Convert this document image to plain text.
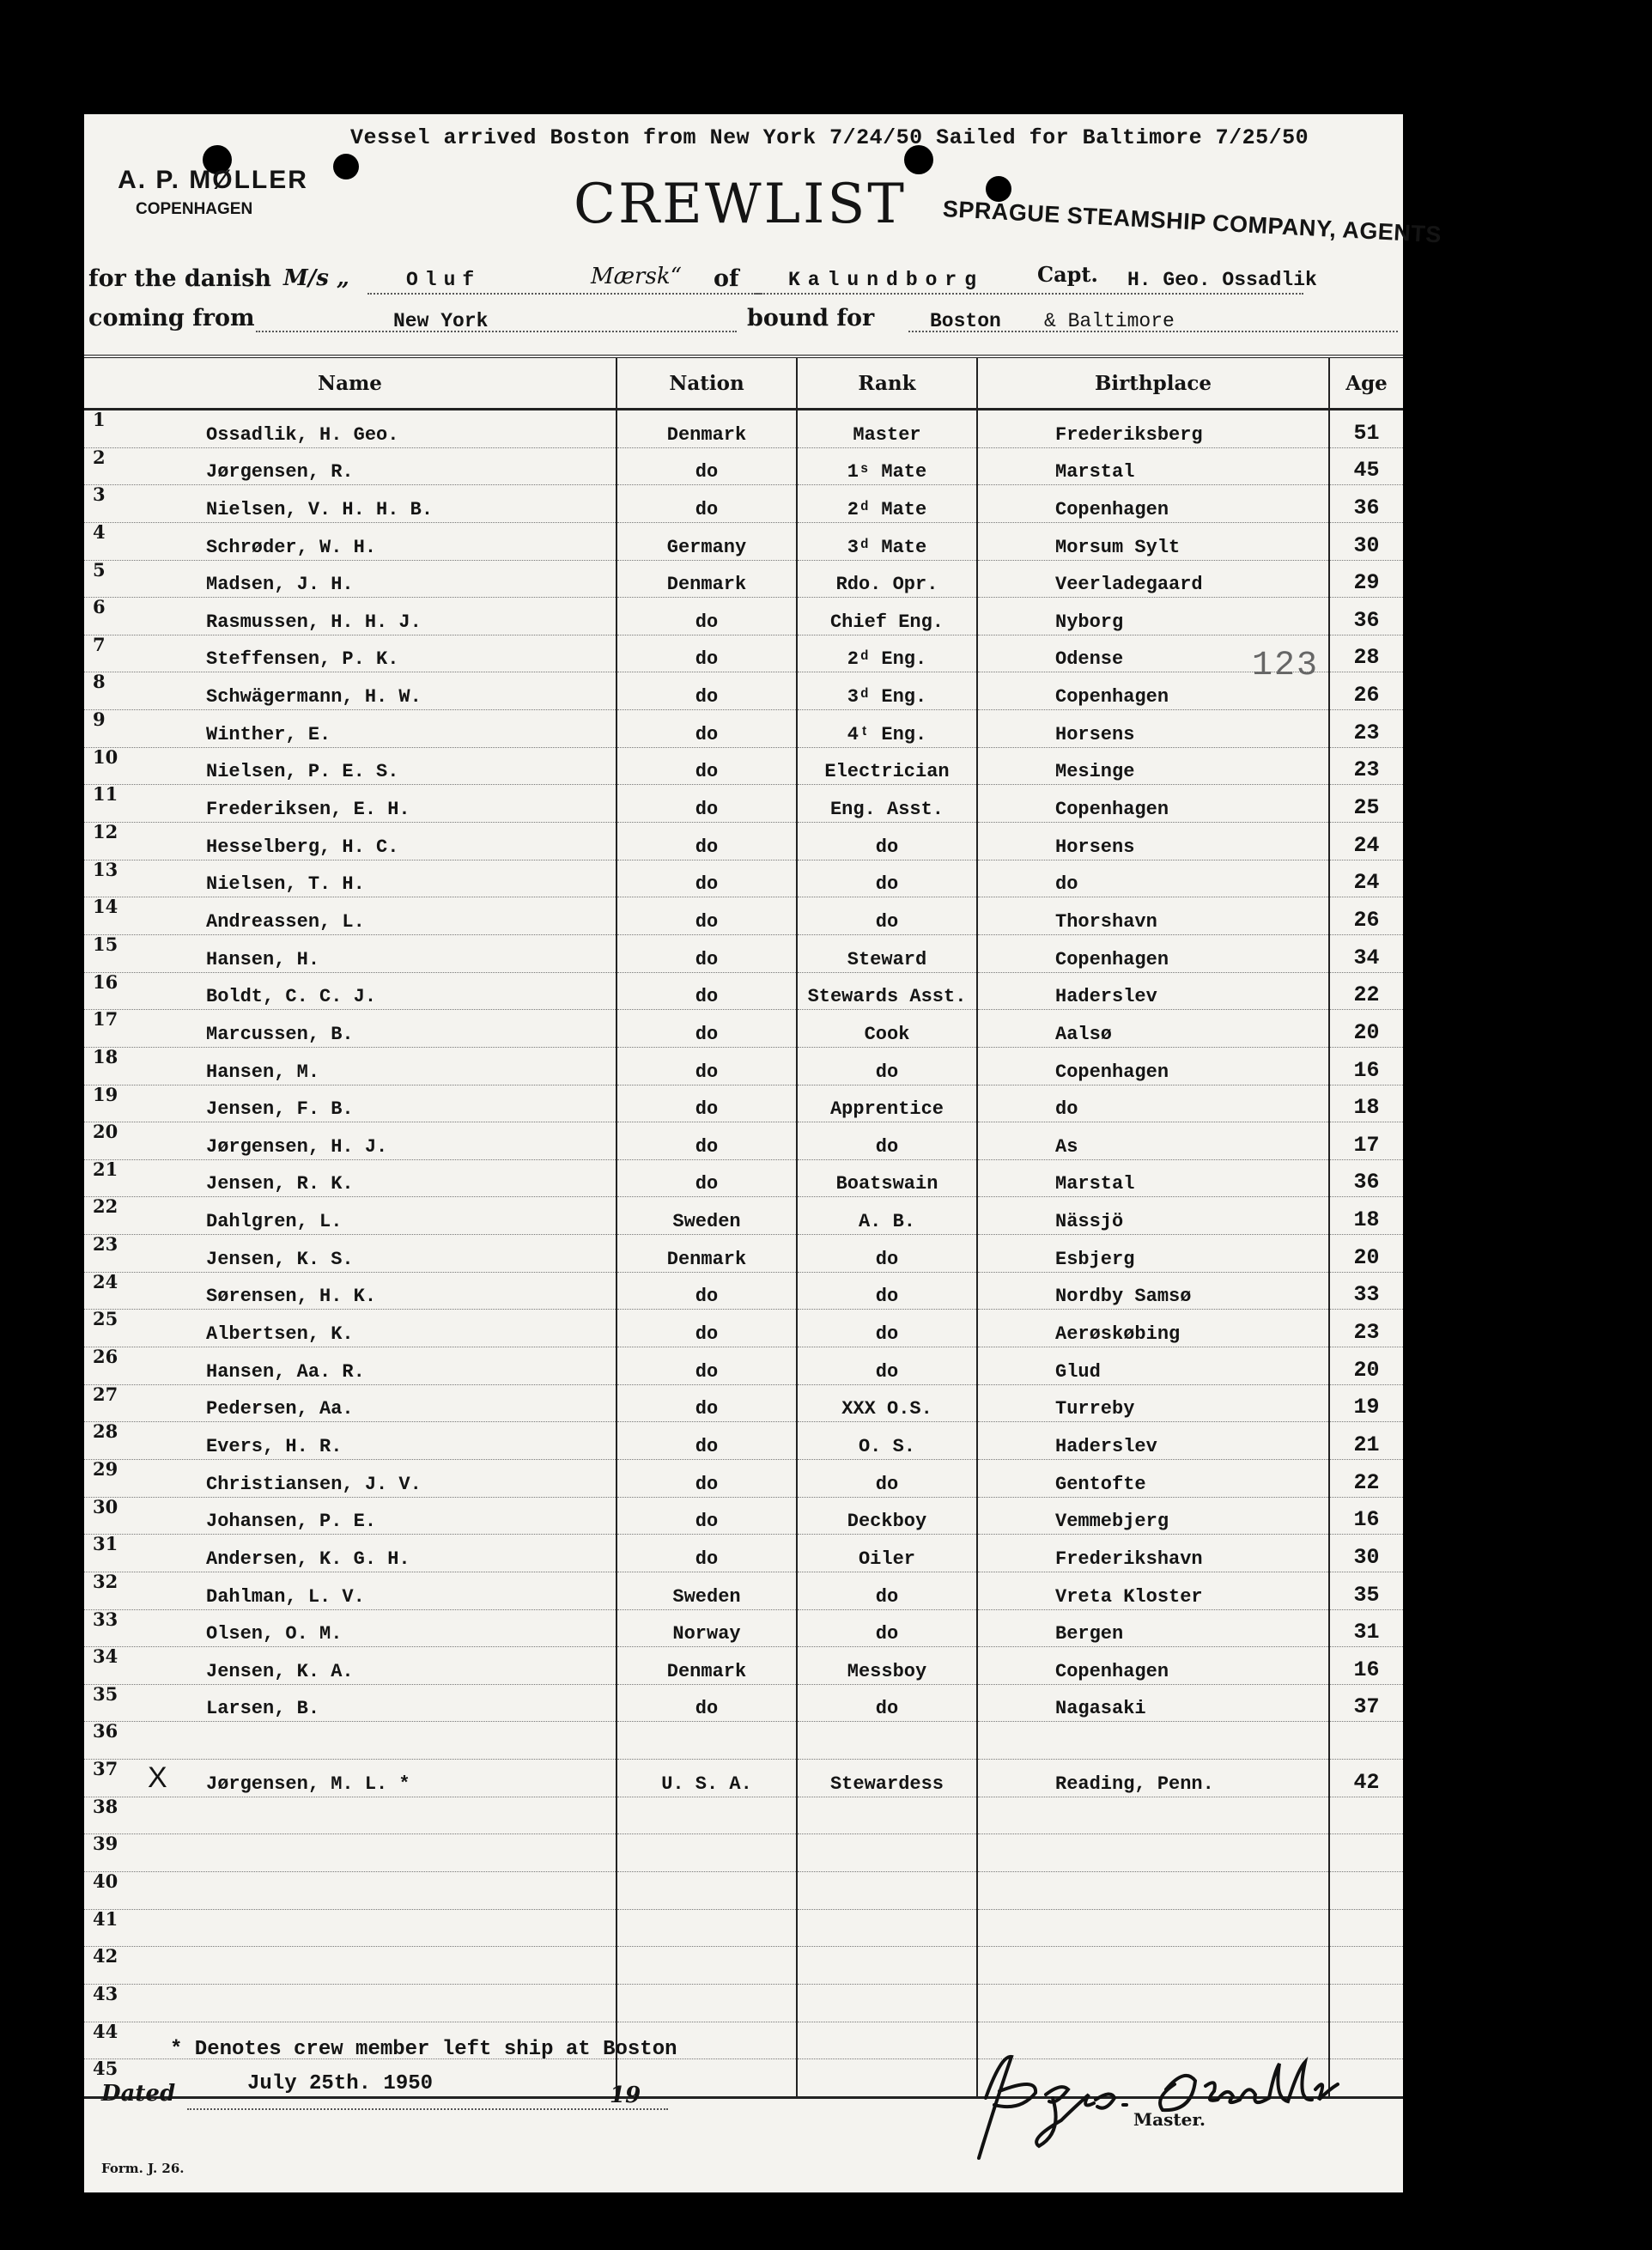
Vessel arrived Boston from New York 7/24/50 Sailed for Baltimore 7/25/50
A. P. MØLLER
COPENHAGEN	CREWLIST SPRAGUE STEAMSHIP COMPANY, AGENTS
for the danish M/s „	Oluf	Mærsk“ of Kalundborg	Capt. H. Geo. Ossadlik
coming from	New York	bound for	Boston & Baltimore
Name	Nation	Rank	Birthplace	Age

1
Ossadlik, H. Geo.	Denmark	Master	Frederiksberg	51

2
Jørgensen, R.	do	1ˢ Mate	Marstal	45

3
Nielsen, V. H. H. B.	do	2ᵈ Mate	Copenhagen	36

4
Schrøder, W. H.	Germany	3ᵈ Mate	Morsum Sylt	30

5
Madsen, J. H.	Denmark	Rdo. Opr.	Veerladegaard	29

6
Rasmussen, H. H. J.	do	Chief Eng.	Nyborg	36

7
Steffensen, P. K.	do	2ᵈ Eng.	Odense	28

8
Schwägermann, H. W.	do	3ᵈ Eng.	Copenhagen	26

9
Winther, E.	do	4ᵗ Eng.	Horsens	23

10
Nielsen, P. E. S.	do	Electrician	Mesinge	23

11
Frederiksen, E. H.	do	Eng. Asst.	Copenhagen	25

12
Hesselberg, H. C.	do	do	Horsens	24

13
Nielsen, T. H.	do	do	do	24

14
Andreassen, L.	do	do	Thorshavn	26

15
Hansen, H.	do	Steward	Copenhagen	34

16
Boldt, C. C. J.	do	Stewards Asst.	Haderslev	22

17
Marcussen, B.	do	Cook	Aalsø	20

18
Hansen, M.	do	do	Copenhagen	16

19
Jensen, F. B.	do	Apprentice	do	18

20
Jørgensen, H. J.	do	do	As	17

21
Jensen, R. K.	do	Boatswain	Marstal	36

22
Dahlgren, L.	Sweden	A. B.	Nässjö	18

23
Jensen, K. S.	Denmark	do	Esbjerg	20

24
Sørensen, H. K.	do	do	Nordby Samsø	33

25
Albertsen, K.	do	do	Aerøskøbing	23

26
Hansen, Aa. R.	do	do	Glud	20

27
Pedersen, Aa.	do	XXX O.S.	Turreby	19

28
Evers, H. R.	do	O. S.	Haderslev	21

29
Christiansen, J. V.	do	do	Gentofte	22

30
Johansen, P. E.	do	Deckboy	Vemmebjerg	16

31
Andersen, K. G. H.	do	Oiler	Frederikshavn	30

32
Dahlman, L. V.	Sweden	do	Vreta Kloster	35

33
Olsen, O. M.	Norway	do	Bergen	31

34
Jensen, K. A.	Denmark	Messboy	Copenhagen	16

35
Larsen, B.	do	do	Nagasaki	37

36				

37 X Jørgensen, M. L. *	U. S. A.	Stewardess	Reading, Penn.	42

38				

39				

40				

41				

42				

43				

44				

45				

123
* Denotes crew member left ship at Boston
Dated	July 25th. 1950	19
Master.
Form. J. 26.
